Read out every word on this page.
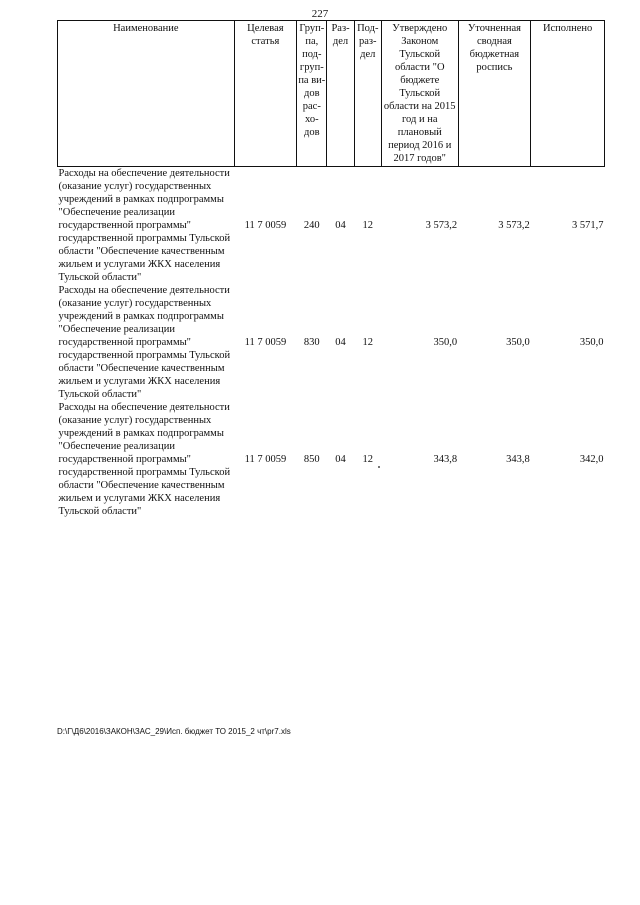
227
Наименование	Целевая статья	Груп-па, под-груп-па ви-дов рас-хо-дов	Раз-дел	Под-раз-дел	Утверждено Законом Тульской области "О бюджете Тульской области на 2015 год и на плановый период 2016 и 2017 годов"	Уточненная сводная бюджетная роспись	Исполнено
Расходы на обеспечение деятельности (оказание услуг) государственных учреждений в рамках подпрограммы "Обеспечение реализации государственной программы" государственной программы Тульской области "Обеспечение качественным жильем и услугами ЖКХ населения Тульской области"	11 7 0059	240	04	12	3 573,2	3 573,2	3 571,7
Расходы на обеспечение деятельности (оказание услуг) государственных учреждений в рамках подпрограммы "Обеспечение реализации государственной программы" государственной программы Тульской области "Обеспечение качественным жильем и услугами ЖКХ населения Тульской области"	11 7 0059	830	04	12	350,0	350,0	350,0
Расходы на обеспечение деятельности (оказание услуг) государственных учреждений в рамках подпрограммы "Обеспечение реализации государственной программы" государственной программы Тульской области "Обеспечение качественным жильем и услугами ЖКХ населения Тульской области"	11 7 0059	850	04	12	343,8	343,8	342,0
D:\Г\Д6\2016\ЗАКОН\ЗАС_29\Исп. бюджет ТО 2015_2 чт\pr7.xls
